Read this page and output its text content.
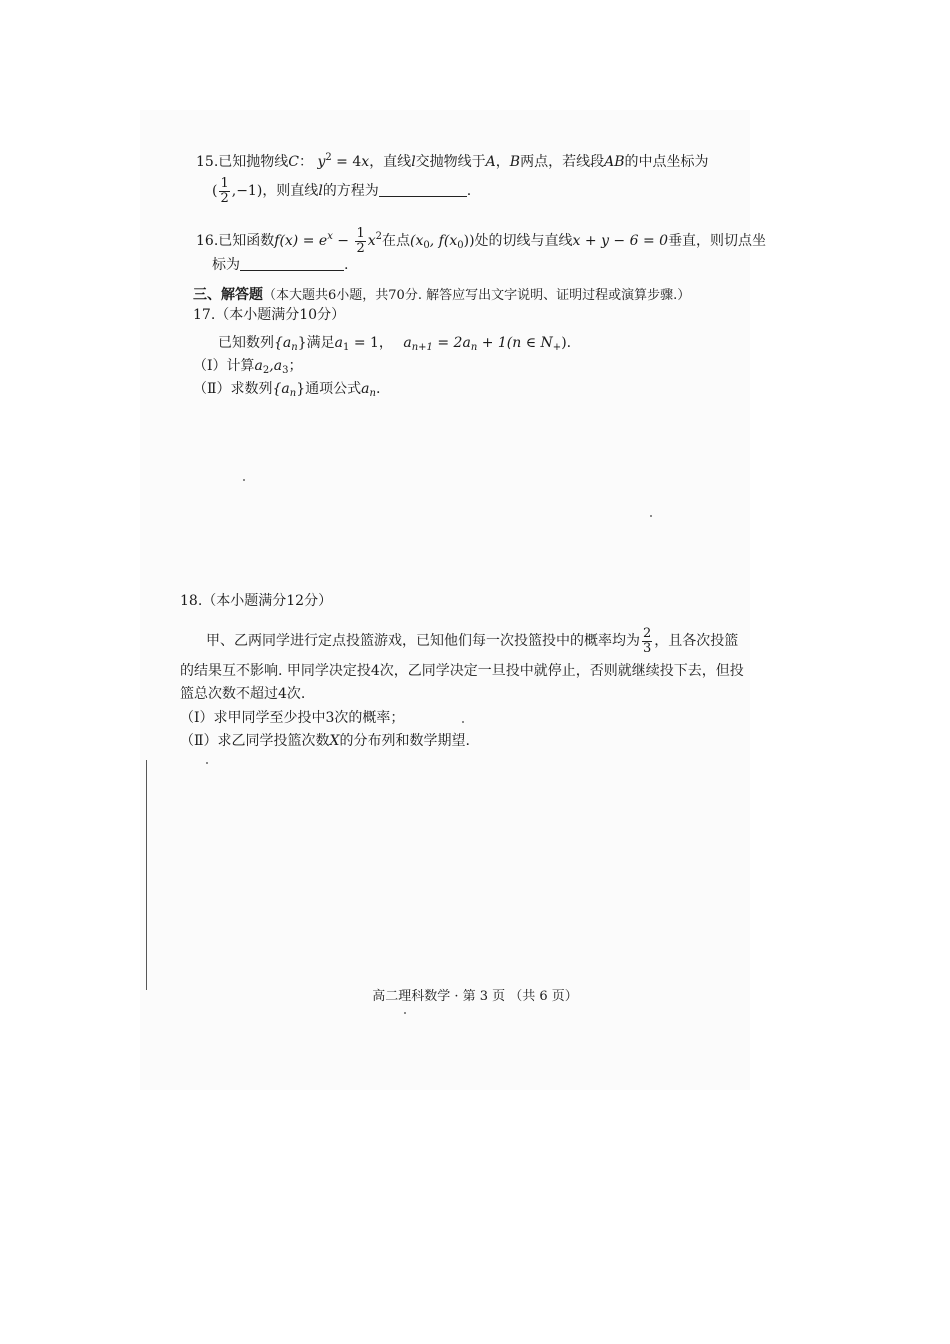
15.已知抛物线C： $y^2 = 4x$，直线l交抛物线于A，B两点，若线段AB的中点坐标为
( $\frac{1}{2} ,-1$)，则直线l的方程为	.
16.已知函数$f(x) = e^x - \frac{1}{2} x^2$在点($x_0$, $f(x_0)$)处的切线与直线x + y − 6 = 0垂直，则切点坐
标为	.
三、解答题（本大题共6小题，共70分. 解答应写出文字说明、证明过程或演算步骤.）
17.（本小题满分10分）
已知数列$\{a_n\}$满足$a_1 = 1$， $a_{n+1} = 2a_n + 1(n$ ∈ $N_+$).
（Ⅰ）计算$a_2,a_3$；
（Ⅱ）求数列$\{a_n\}$通项公式$a_n$.
18.（本小题满分12分）
甲、乙两同学进行定点投篮游戏，已知他们每一次投篮投中的概率均为 $\frac{2}{3}$ ，且各次投篮
的结果互不影响. 甲同学决定投4次，乙同学决定一旦投中就停止，否则就继续投下去，但投
篮总次数不超过4次.
（Ⅰ）求甲同学至少投中3次的概率；
（Ⅱ）求乙同学投篮次数X的分布列和数学期望.
高二理科数学 · 第 3 页 （共 6 页）
